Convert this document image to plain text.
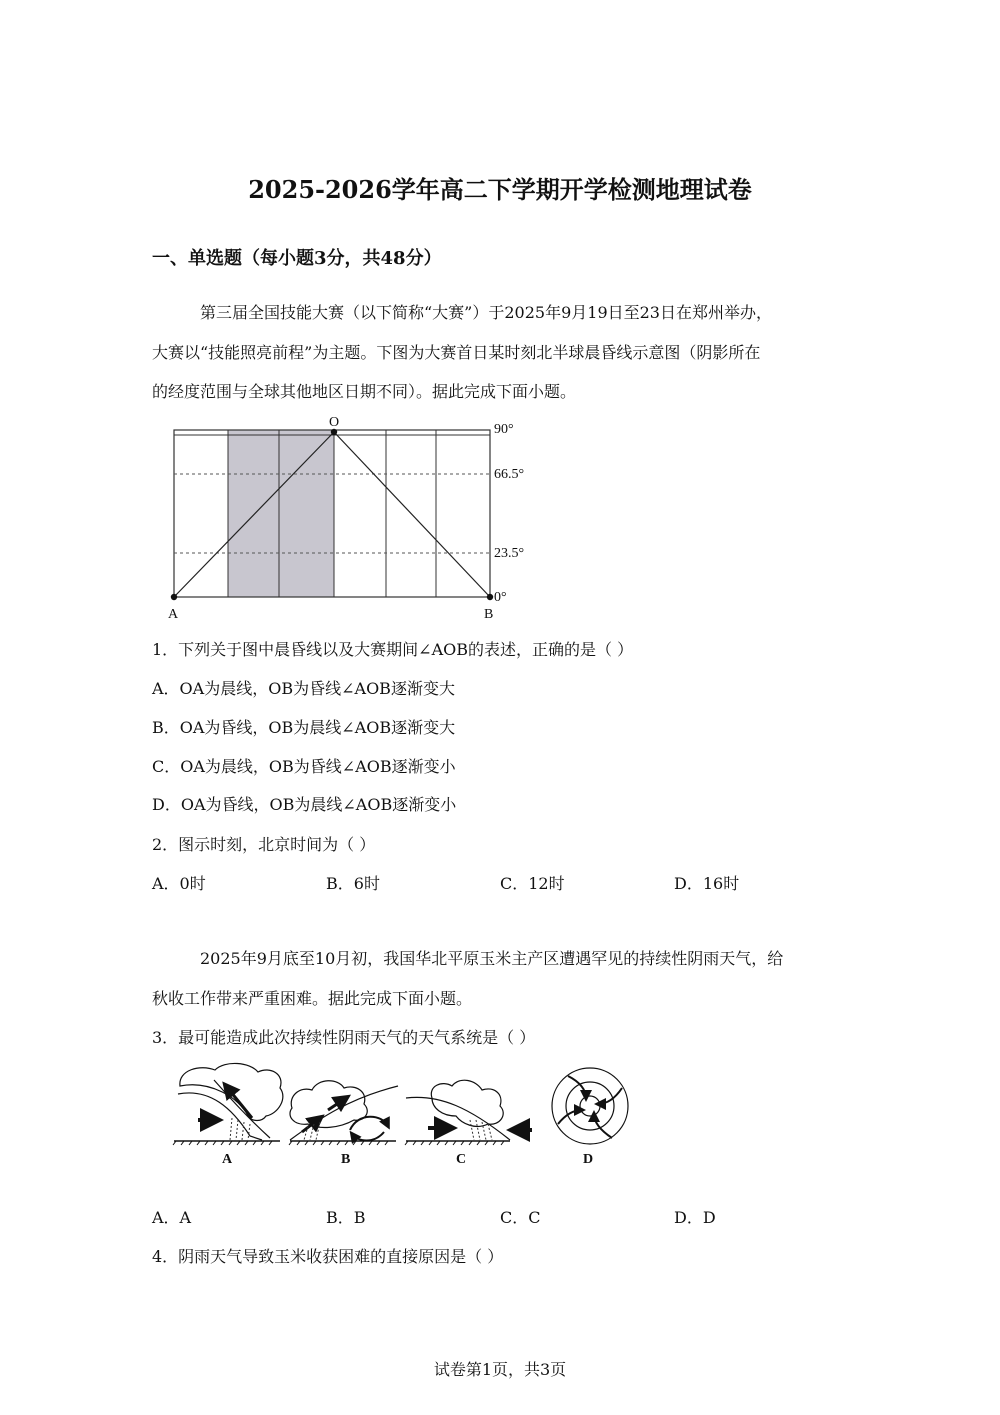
2025-2026学年高二下学期开学检测地理试卷
一、单选题（每小题3分，共48分）
第三届全国技能大赛（以下简称“大赛”）于2025年9月19日至23日在郑州举办，
大赛以“技能照亮前程”为主题。下图为大赛首日某时刻北半球晨昏线示意图（阴影所在
的经度范围与全球其他地区日期不同）。据此完成下面小题。
O
A	B
90°
66.5°
23.5°
0°
1．下列关于图中晨昏线以及大赛期间∠AOB的表述，正确的是（ ）
A．OA为晨线，OB为昏线∠AOB逐渐变大
B．OA为昏线，OB为晨线∠AOB逐渐变大
C．OA为晨线，OB为昏线∠AOB逐渐变小
D．OA为昏线，OB为晨线∠AOB逐渐变小
2．图示时刻，北京时间为（ ）
A．0时	B．6时	C．12时	D．16时
2025年9月底至10月初，我国华北平原玉米主产区遭遇罕见的持续性阴雨天气，给
秋收工作带来严重困难。据此完成下面小题。
3．最可能造成此次持续性阴雨天气的天气系统是（ ）
A	B	C	D
A．A	B．B	C．C	D．D
4．阴雨天气导致玉米收获困难的直接原因是（ ）
试卷第1页，共3页
